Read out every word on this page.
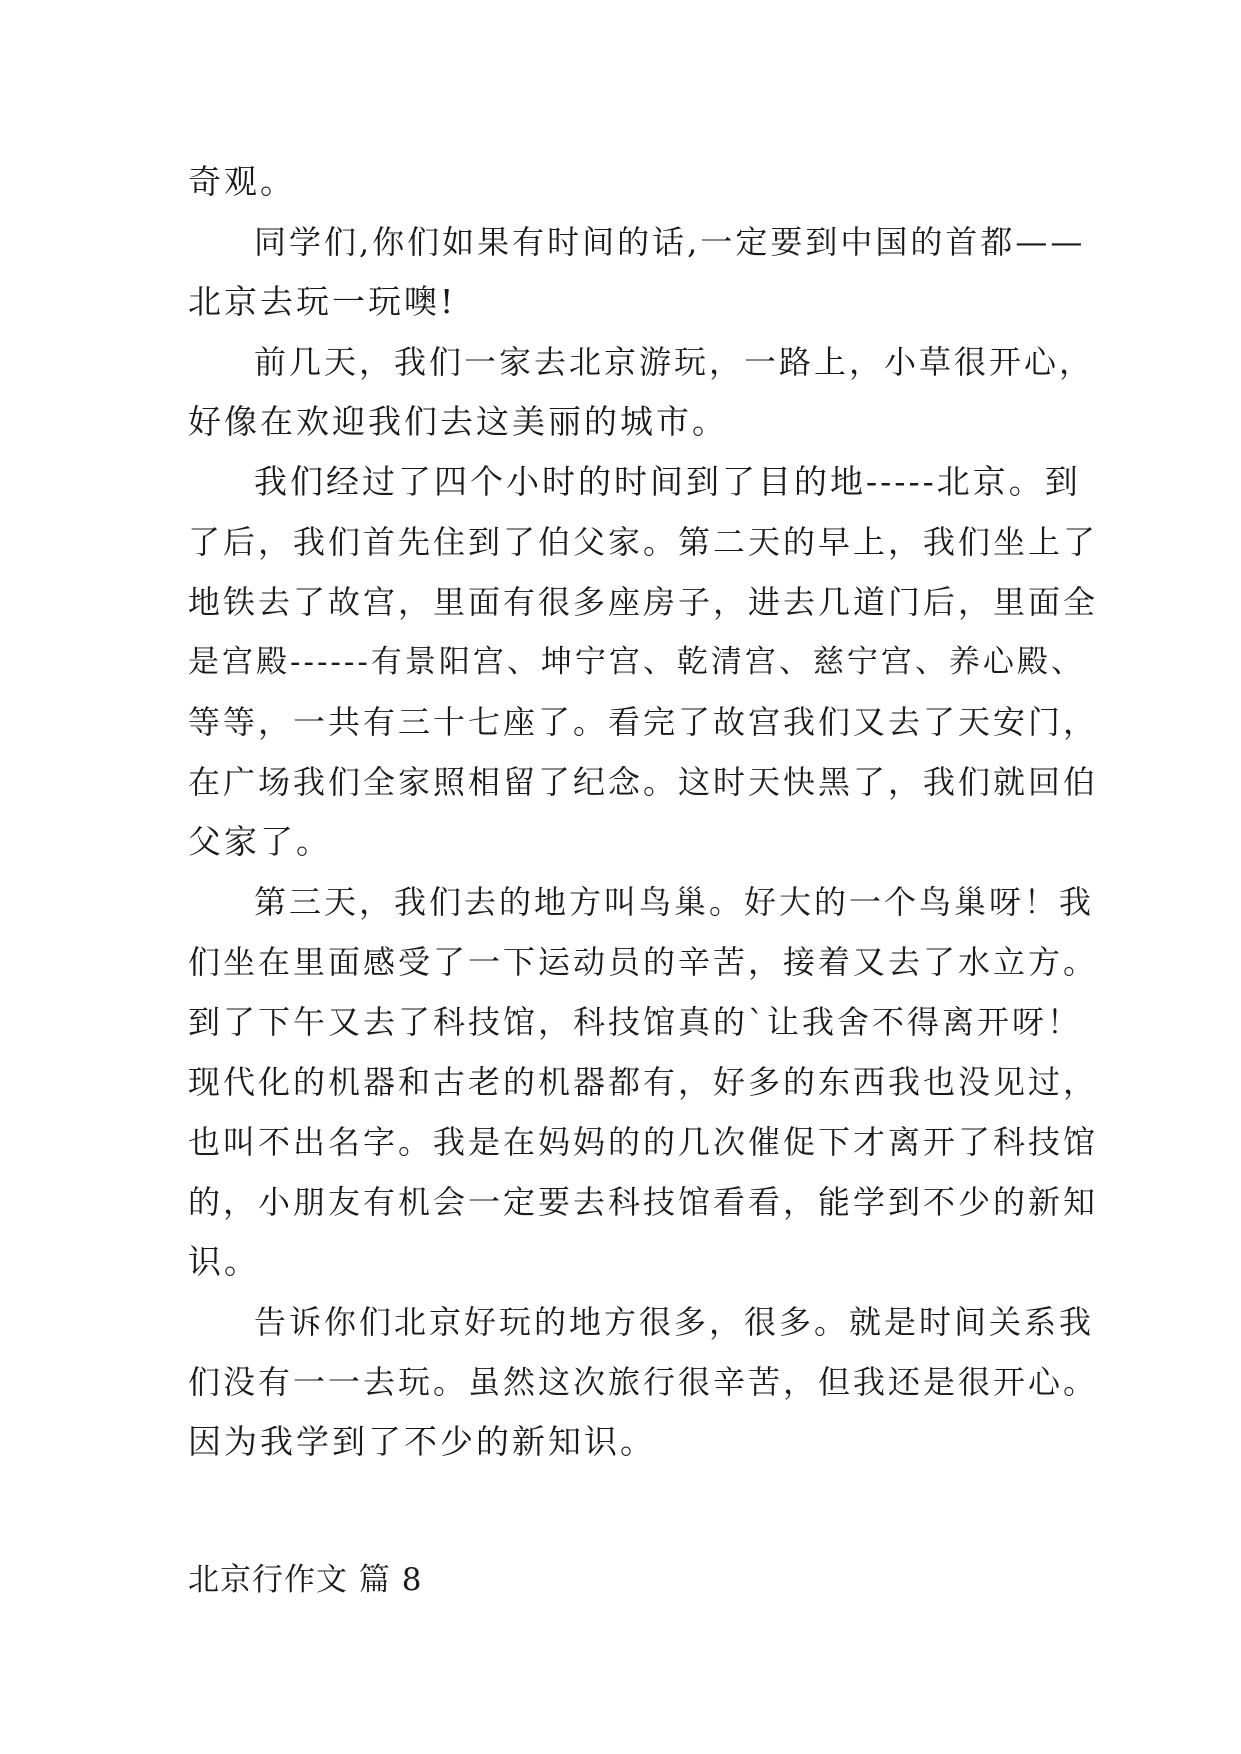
奇观。
同学们,你们如果有时间的话,一定要到中国的首都——
北京去玩一玩噢!
前几天，我们一家去北京游玩，一路上，小草很开心，
好像在欢迎我们去这美丽的城市。
我们经过了四个小时的时间到了目的地-----北京。到
了后，我们首先住到了伯父家。第二天的早上，我们坐上了
地铁去了故宫，里面有很多座房子，进去几道门后，里面全
是宫殿------有景阳宫、坤宁宫、乾清宫、慈宁宫、养心殿、
等等，一共有三十七座了。看完了故宫我们又去了天安门，
在广场我们全家照相留了纪念。这时天快黑了，我们就回伯
父家了。
第三天，我们去的地方叫鸟巢。好大的一个鸟巢呀！我
们坐在里面感受了一下运动员的辛苦，接着又去了水立方。
到了下午又去了科技馆，科技馆真的`让我舍不得离开呀！
现代化的机器和古老的机器都有，好多的东西我也没见过，
也叫不出名字。我是在妈妈的的几次催促下才离开了科技馆
的，小朋友有机会一定要去科技馆看看，能学到不少的新知
识。
告诉你们北京好玩的地方很多，很多。就是时间关系我
们没有一一去玩。虽然这次旅行很辛苦，但我还是很开心。
因为我学到了不少的新知识。
北京行作文 篇 8
